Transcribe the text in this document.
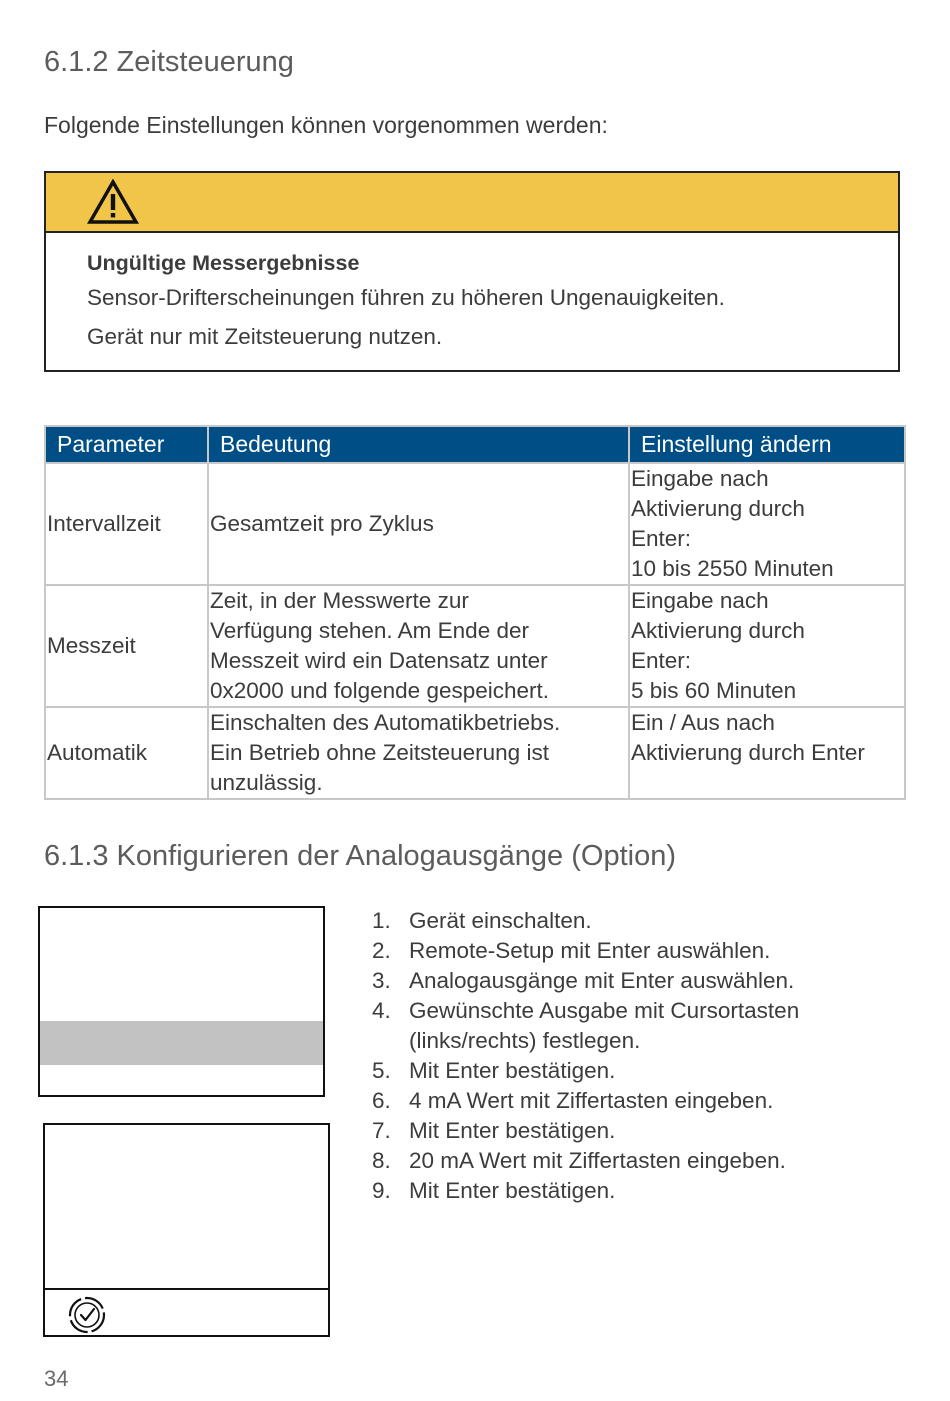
6.1.2 Zeitsteuerung

Folgende Einstellungen können vorgenommen werden:

Ungültige Messergebnisse

Sensor-Drifterscheinungen führen zu höheren Ungenauigkeiten.

Gerät nur mit Zeitsteuerung nutzen.

Parameter	Bedeutung	Einstellung ändern
Intervallzeit	Gesamtzeit pro Zyklus	Eingabe nach
Aktivierung durch
Enter:
10 bis 2550 Minuten

Messzeit	Zeit, in der Messwerte zur
Verfügung stehen. Am Ende der
Messzeit wird ein Datensatz unter
0x2000 und folgende gespeichert.	Eingabe nach
Aktivierung durch
Enter:
5 bis 60 Minuten

Automatik	Einschalten des Automatikbetriebs.
Ein Betrieb ohne Zeitsteuerung ist
unzulässig.	Ein / Aus nach
Aktivierung durch Enter
6.1.3 Konfigurieren der Analogausgänge (Option)
1. Gerät einschalten.
2. Remote-Setup mit Enter auswählen.
3. Analogausgänge mit Enter auswählen.
4. Gewünschte Ausgabe mit Cursortasten
(links/rechts) festlegen.
5. Mit Enter bestätigen.
6. 4 mA Wert mit Ziffertasten eingeben.
7. Mit Enter bestätigen.
8. 20 mA Wert mit Ziffertasten eingeben.
9. Mit Enter bestätigen.
34
